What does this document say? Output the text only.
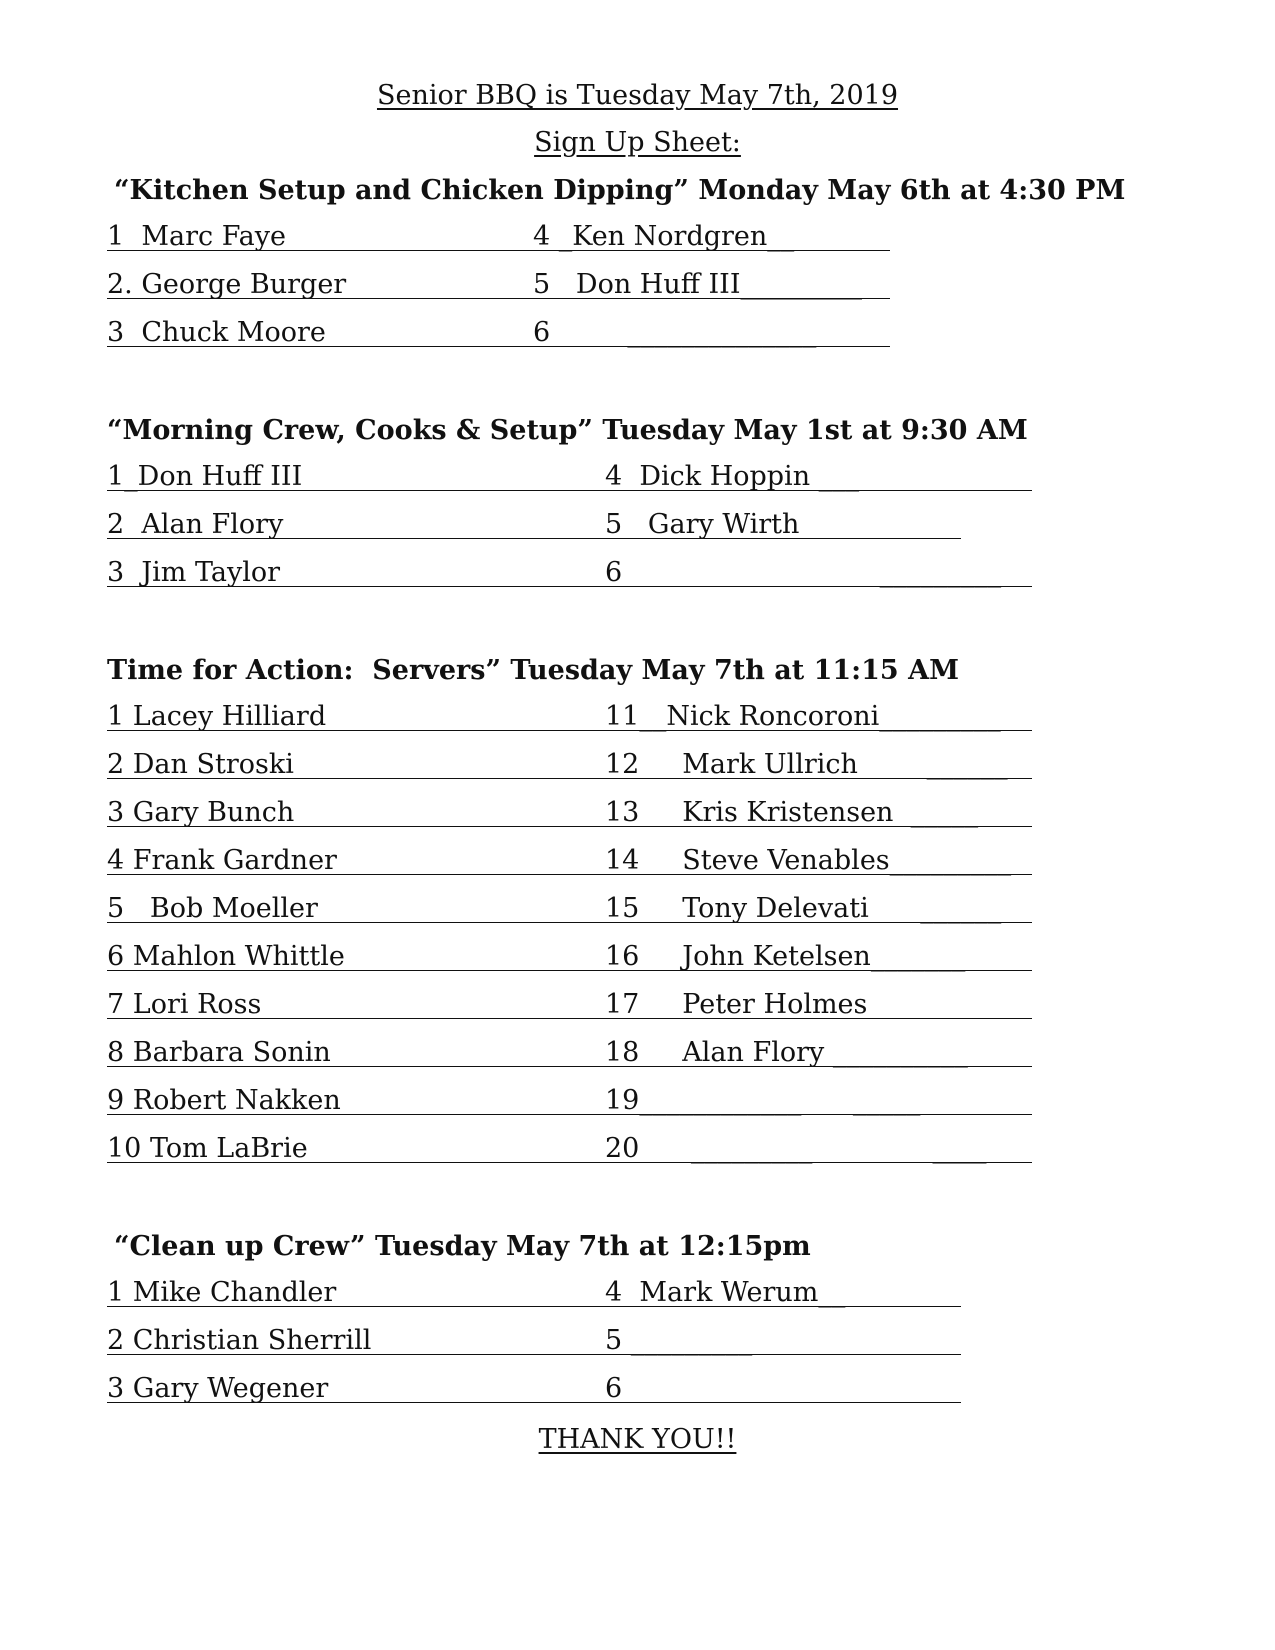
Senior BBQ is Tuesday May 7th, 2019
Sign Up Sheet:
“Kitchen Setup and Chicken Dipping” Monday May 6th at 4:30 PM
1  Marc Faye	4 _Ken Nordgren__
2. George Burger	5   Don Huff III_________
3  Chuck Moore	6         ______________
“Morning Crew, Cooks & Setup” Tuesday May 1st at 9:30 AM
1_Don Huff III	4  Dick Hoppin ___
2  Alan Flory	5   Gary Wirth
3  Jim Taylor	6                              _________
Time for Action:  Servers” Tuesday May 7th at 11:15 AM
1 Lacey Hilliard	11__Nick Roncoroni_________
2 Dan Stroski	12     Mark Ullrich        ______
3 Gary Bunch	13     Kris Kristensen  _____
4 Frank Gardner	14     Steve Venables_________
5   Bob Moeller	15     Tony Delevati      ______
6 Mahlon Whittle	16     John Ketelsen_______
7 Lori Ross	17     Peter Holmes
8 Barbara Sonin	18     Alan Flory __________
9 Robert Nakken	19____________      _____
10 Tom LaBrie	20      _________              ____
“Clean up Crew” Tuesday May 7th at 12:15pm
1 Mike Chandler	4  Mark Werum__
2 Christian Sherrill	5 _________
3 Gary Wegener	6
THANK YOU!!
